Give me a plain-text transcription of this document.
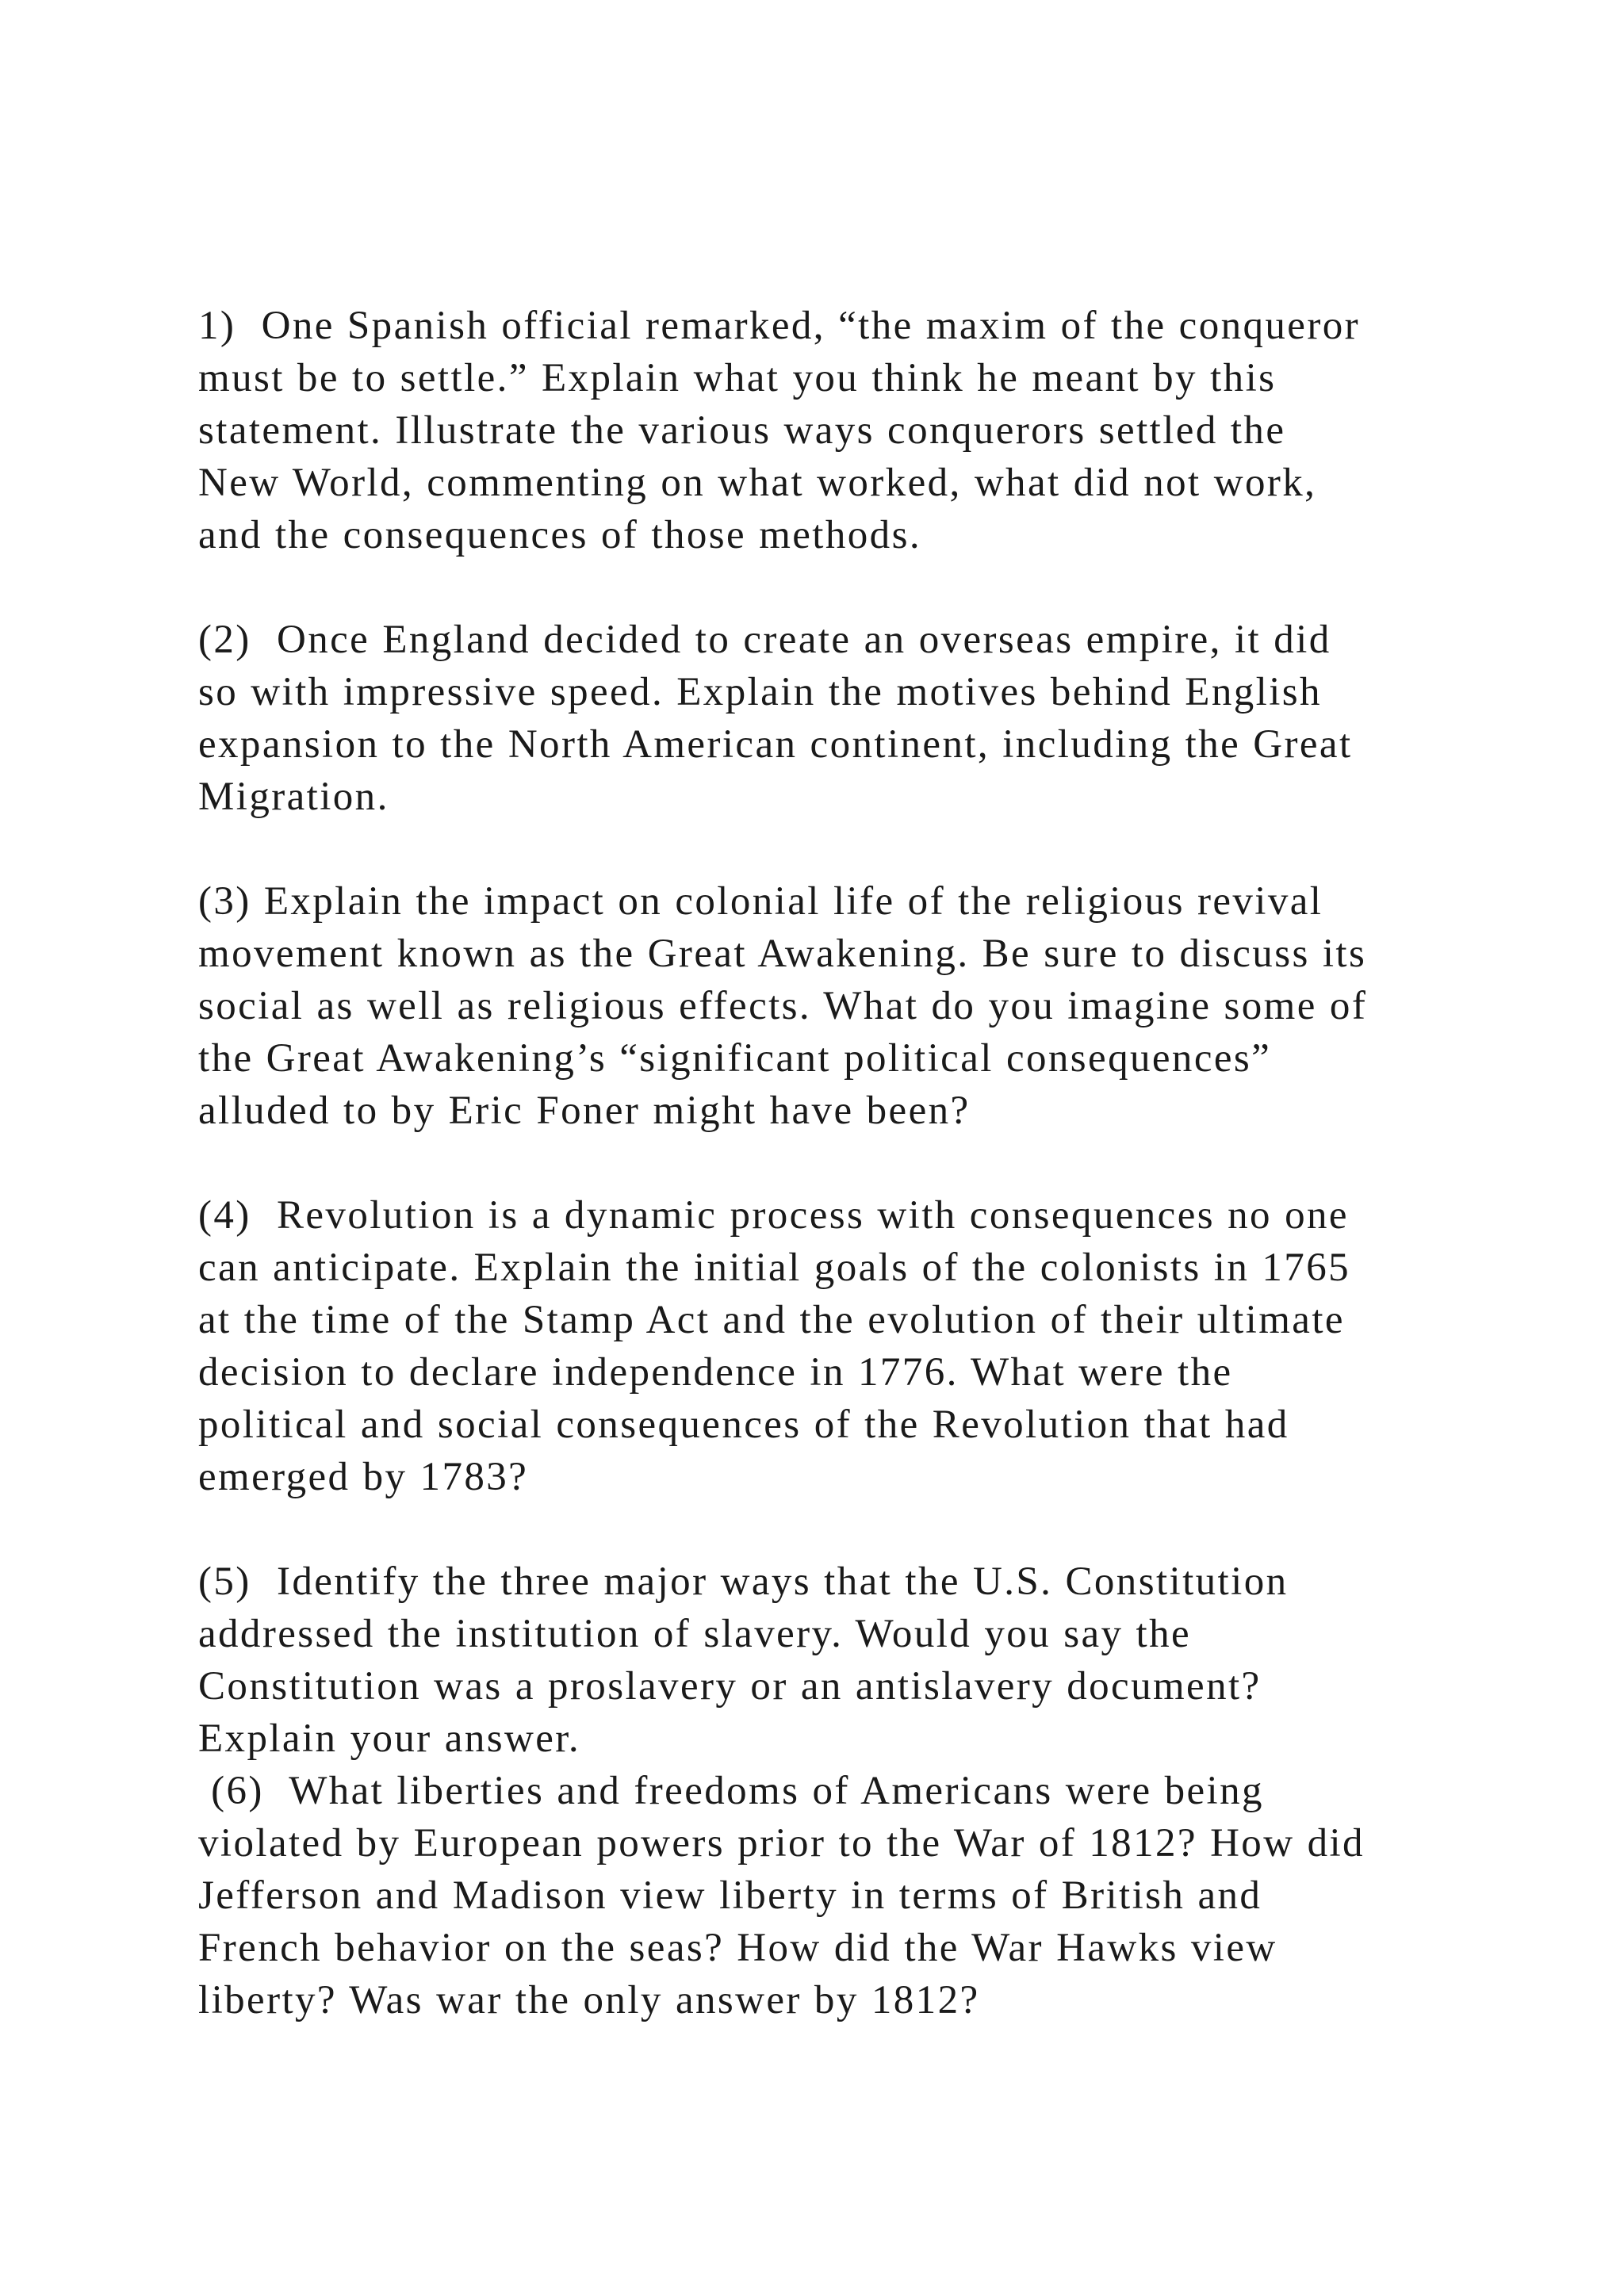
1)  One Spanish official remarked, “the maxim of the conqueror
must be to settle.” Explain what you think he meant by this
statement. Illustrate the various ways conquerors settled the
New World, commenting on what worked, what did not work,
and the consequences of those methods.
(2)  Once England decided to create an overseas empire, it did
so with impressive speed. Explain the motives behind English
expansion to the North American continent, including the Great
Migration.
(3) Explain the impact on colonial life of the religious revival
movement known as the Great Awakening. Be sure to discuss its
social as well as religious effects. What do you imagine some of
the Great Awakening’s “significant political consequences”
alluded to by Eric Foner might have been?
(4)  Revolution is a dynamic process with consequences no one
can anticipate. Explain the initial goals of the colonists in 1765
at the time of the Stamp Act and the evolution of their ultimate
decision to declare independence in 1776. What were the
political and social consequences of the Revolution that had
emerged by 1783?
(5)  Identify the three major ways that the U.S. Constitution
addressed the institution of slavery. Would you say the
Constitution was a proslavery or an antislavery document?
Explain your answer.
(6)  What liberties and freedoms of Americans were being
violated by European powers prior to the War of 1812? How did
Jefferson and Madison view liberty in terms of British and
French behavior on the seas? How did the War Hawks view
liberty? Was war the only answer by 1812?
